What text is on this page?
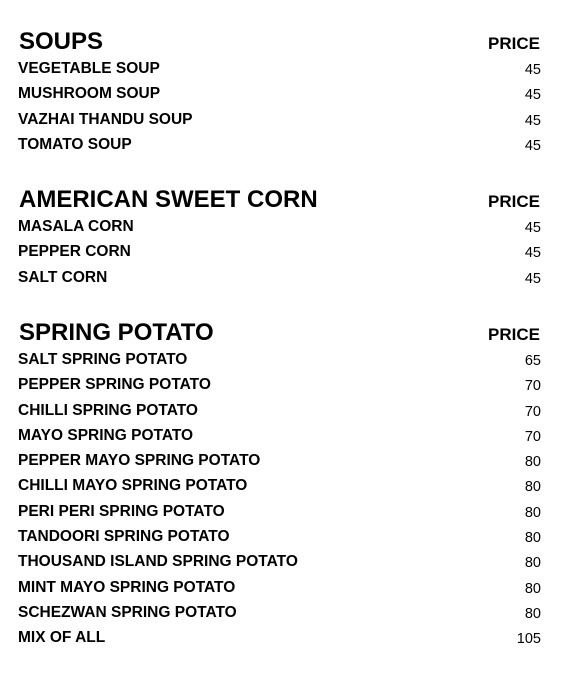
SOUPS	PRICE
VEGETABLE SOUP	45
MUSHROOM SOUP	45
VAZHAI THANDU SOUP	45
TOMATO SOUP	45
AMERICAN SWEET CORN	PRICE
MASALA CORN	45
PEPPER CORN	45
SALT CORN	45
SPRING POTATO	PRICE
SALT SPRING POTATO	65
PEPPER SPRING POTATO	70
CHILLI SPRING POTATO	70
MAYO SPRING POTATO	70
PEPPER MAYO SPRING POTATO	80
CHILLI MAYO SPRING POTATO	80
PERI PERI SPRING POTATO	80
TANDOORI SPRING POTATO	80
THOUSAND ISLAND SPRING POTATO	80
MINT MAYO SPRING POTATO	80
SCHEZWAN SPRING POTATO	80
MIX OF ALL	105
